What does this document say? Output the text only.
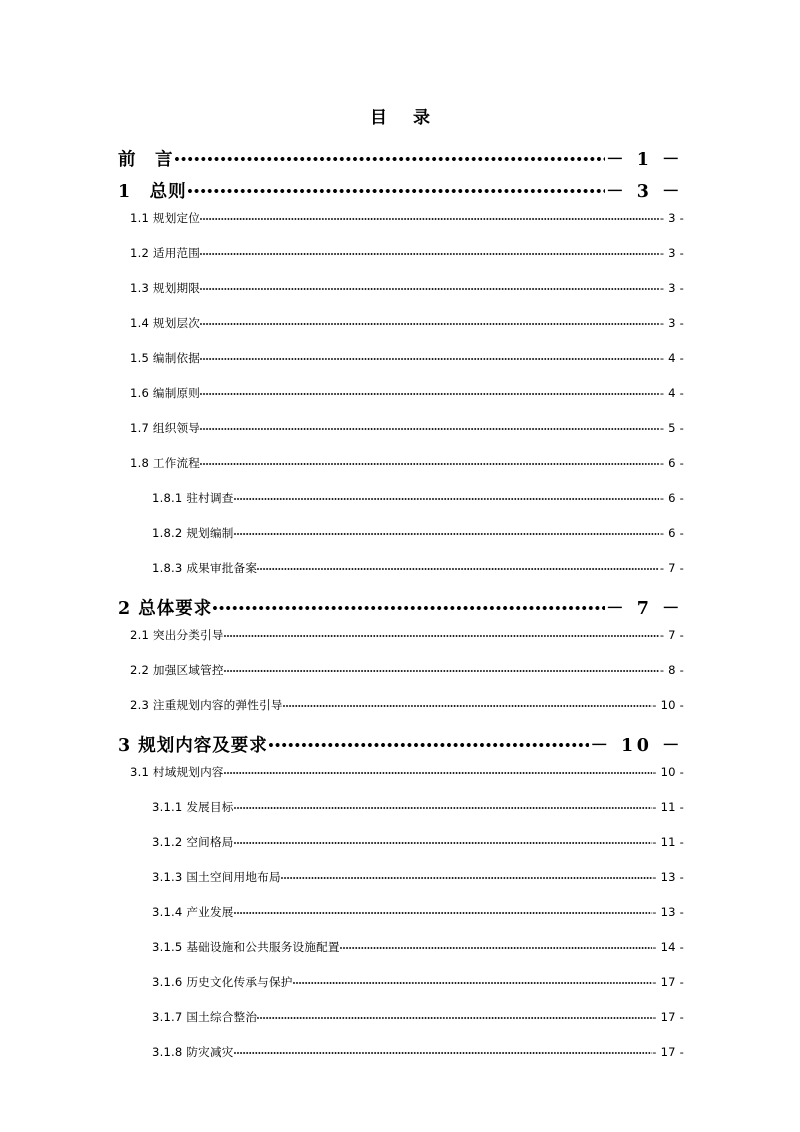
目 录
前　言	－ 1 －
1　总则	－ 3 －
1.1 规划定位	- 3 -
1.2 适用范围	- 3 -
1.3 规划期限	- 3 -
1.4 规划层次	- 3 -
1.5 编制依据	- 4 -
1.6 编制原则	- 4 -
1.7 组织领导	- 5 -
1.8 工作流程	- 6 -
1.8.1 驻村调查	- 6 -
1.8.2 规划编制	- 6 -
1.8.3 成果审批备案	- 7 -
2 总体要求	－ 7 －
2.1 突出分类引导	- 7 -
2.2 加强区域管控	- 8 -
2.3 注重规划内容的弹性引导	- 10 -
3 规划内容及要求	－ 10 －
3.1 村域规划内容	- 10 -
3.1.1 发展目标	- 11 -
3.1.2 空间格局	- 11 -
3.1.3 国土空间用地布局	- 13 -
3.1.4 产业发展	- 13 -
3.1.5 基础设施和公共服务设施配置	- 14 -
3.1.6 历史文化传承与保护	- 17 -
3.1.7 国土综合整治	- 17 -
3.1.8 防灾减灾	- 17 -
